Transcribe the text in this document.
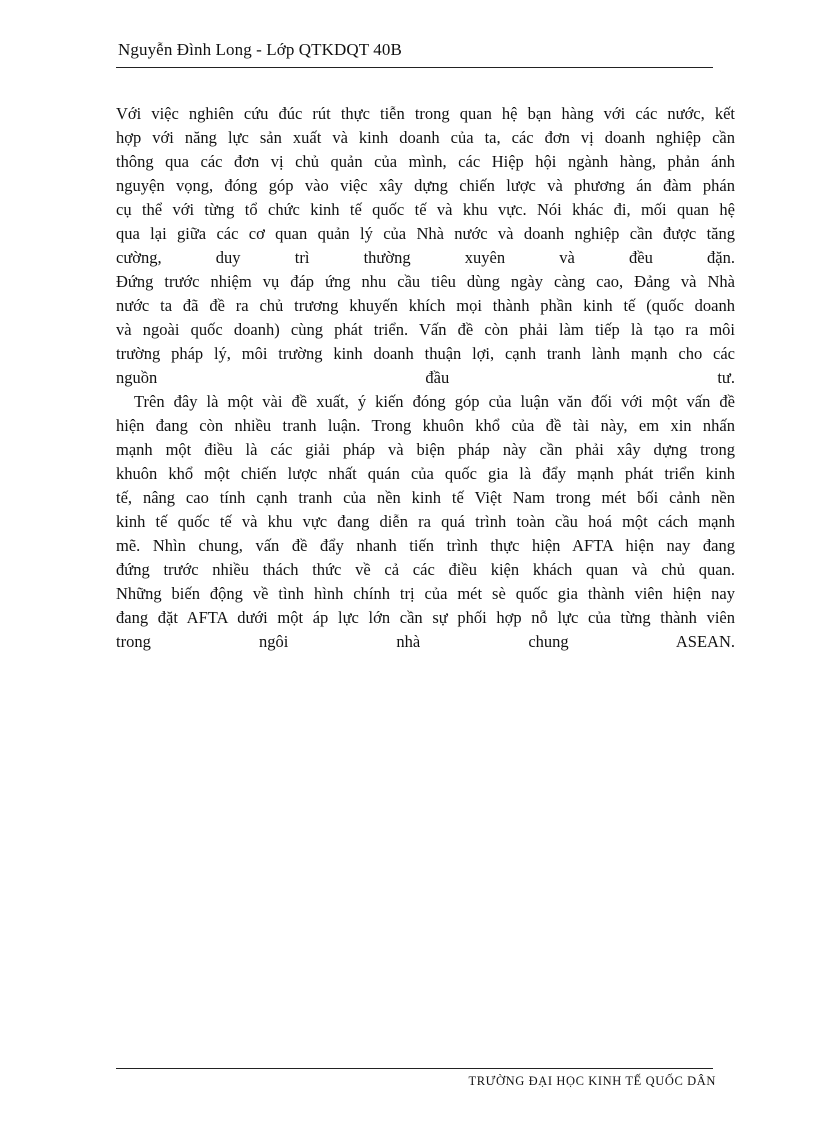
Nguyễn Đình Long - Lớp QTKDQT 40B

Với việc nghiên cứu đúc rút thực tiễn trong quan hệ bạn hàng với các nước, kết
hợp với năng lực sản xuất và kinh doanh của ta, các đơn vị doanh nghiệp cần

thông qua các đơn vị chủ quản của mình, các Hiệp hội ngành hàng, phản ánh
nguyện vọng, đóng góp vào việc xây dựng chiến lược và phương án đàm phán
cụ thể với từng tổ chức kinh tế quốc tế và khu vực. Nói khác đi, mối quan hệ
qua lại giữa các cơ quan quản lý của Nhà nước và doanh nghiệp cần được tăng
cường, duy trì thường xuyên và đều đặn.

Đứng trước nhiệm vụ đáp ứng nhu cầu tiêu dùng ngày càng cao, Đảng và Nhà
nước ta đã đề ra chủ trương khuyến khích mọi thành phần kinh tế (quốc doanh
và ngoài quốc doanh) cùng phát triển. Vấn đề còn phải làm tiếp là tạo ra môi
trường pháp lý, môi trường kinh doanh thuận lợi, cạnh tranh lành mạnh cho các
nguồn đầu tư.

Trên đây là một vài đề xuất, ý kiến đóng góp của luận văn đối với một vấn đề
hiện đang còn nhiều tranh luận. Trong khuôn khổ của đề tài này, em xin nhấn
mạnh một điều là các giải pháp và biện pháp này cần phải xây dựng trong
khuôn khổ một chiến lược nhất quán của quốc gia là đẩy mạnh phát triển kinh
tế, nâng cao tính cạnh tranh của nền kinh tế Việt Nam trong mét bối cảnh nền
kinh tế quốc tế và khu vực đang diễn ra quá trình toàn cầu hoá một cách mạnh
mẽ. Nhìn chung, vấn đề đẩy nhanh tiến trình thực hiện AFTA hiện nay đang
đứng trước nhiều thách thức về cả các điều kiện khách quan và chủ quan.
Những biến động về tình hình chính trị của mét sè quốc gia thành viên hiện nay
đang đặt AFTA dưới một áp lực lớn cần sự phối hợp nỗ lực của từng thành viên
trong ngôi nhà chung ASEAN.

TRƯỜNG ĐẠI HỌC KINH TẾ QUỐC DÂN
